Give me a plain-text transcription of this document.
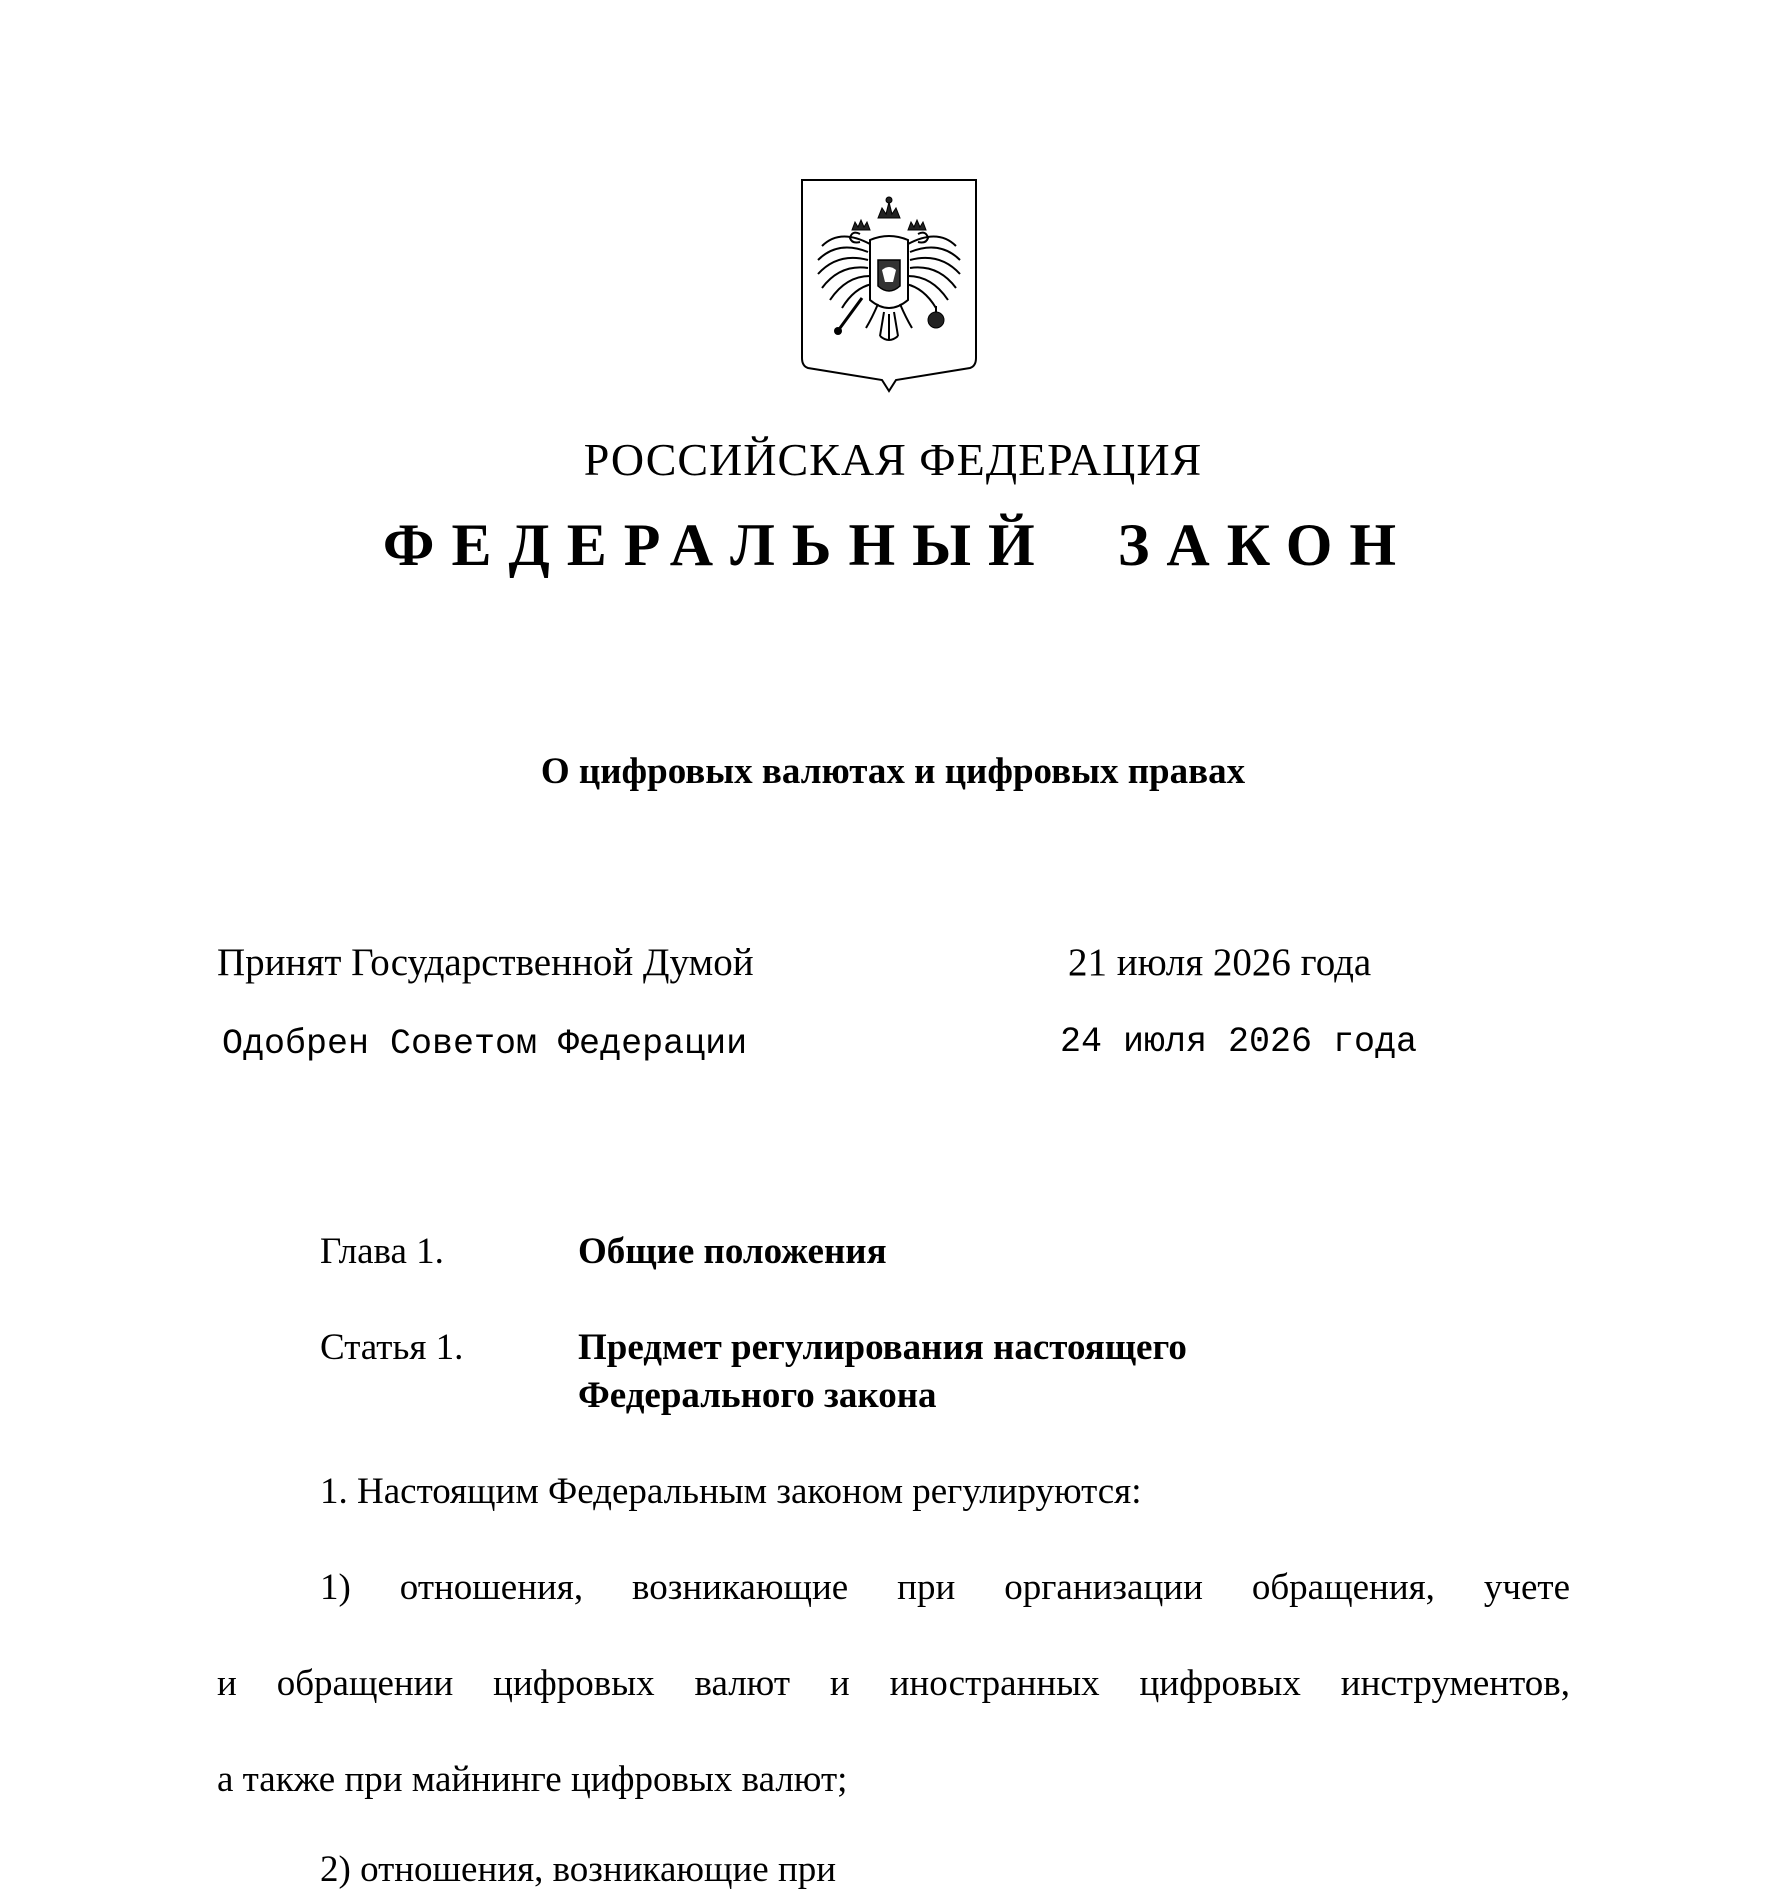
РОССИЙСКАЯ ФЕДЕРАЦИЯ
ФЕДЕРАЛЬНЫЙ ЗАКОН
О цифровых валютах и цифровых правах
Принят Государственной Думой	21 июля 2026 года
Одобрен Советом Федерации	24 июля 2026 года
Глава 1.	Общие положения
Статья 1.	Предмет регулирования настоящего
Федерального закона
1. Настоящим Федеральным законом регулируются:
1) отношения, возникающие при организации обращения, учете
и обращении цифровых валют и иностранных цифровых инструментов,
а также при майнинге цифровых валют;
2) отношения, возникающие при
